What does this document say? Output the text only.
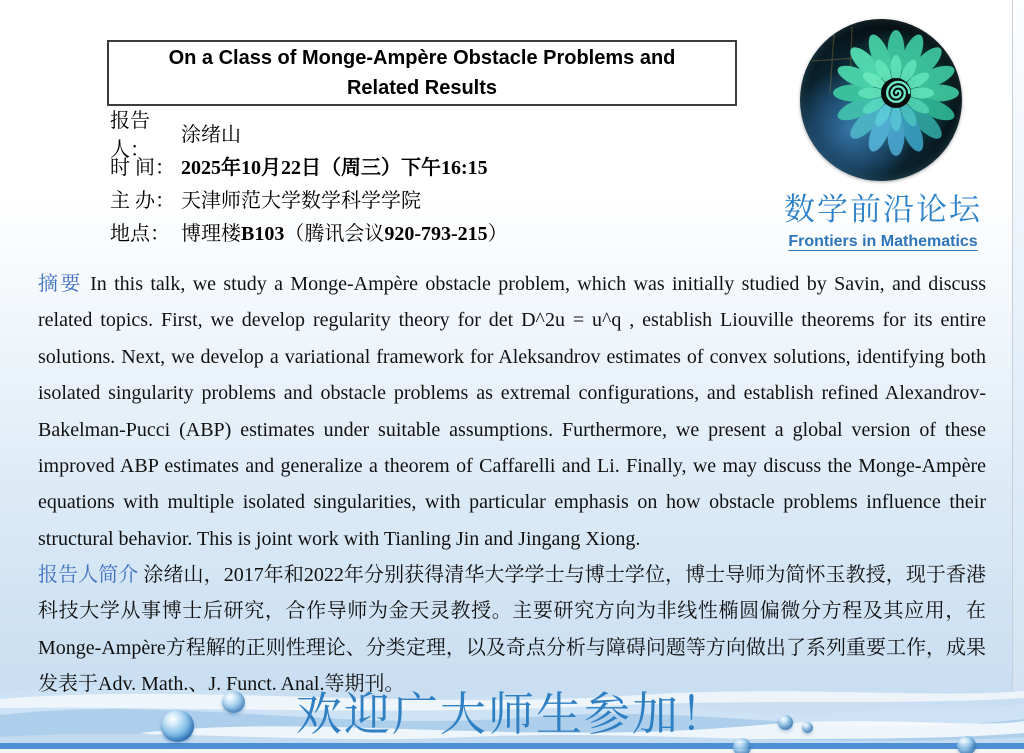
On a Class of Monge-Ampère Obstacle Problems and Related Results
报告人：
涂绪山
时 间： 2025年10月22日（周三）下午16:15
主 办： 天津师范大学数学科学学院
地点： 博理楼B103（腾讯会议920-793-215）
数学前沿论坛
Frontiers in Mathematics
摘要 In this talk, we study a Monge-Ampère obstacle problem, which was initially studied by Savin, and discuss related topics. First, we develop regularity theory for det D^2u = u^q , establish Liouville theorems for its entire solutions. Next, we develop a variational framework for Aleksandrov estimates of convex solutions, identifying both isolated singularity problems and obstacle problems as extremal configurations, and establish refined Alexandrov-Bakelman-Pucci (ABP) estimates under suitable assumptions. Furthermore, we present a global version of these improved ABP estimates and generalize a theorem of Caffarelli and Li. Finally, we may discuss the Monge-Ampère equations with multiple isolated singularities, with particular emphasis on how obstacle problems influence their structural behavior. This is joint work with Tianling Jin and Jingang Xiong.
报告人简介 涂绪山，2017年和2022年分别获得清华大学学士与博士学位，博士导师为简怀玉教授，现于香港科技大学从事博士后研究，合作导师为金天灵教授。主要研究方向为非线性椭圆偏微分方程及其应用，在Monge-Ampère方程解的正则性理论、分类定理，以及奇点分析与障碍问题等方向做出了系列重要工作，成果发表于Adv. Math.、J. Funct. Anal.等期刊。
欢迎广大师生参加！
